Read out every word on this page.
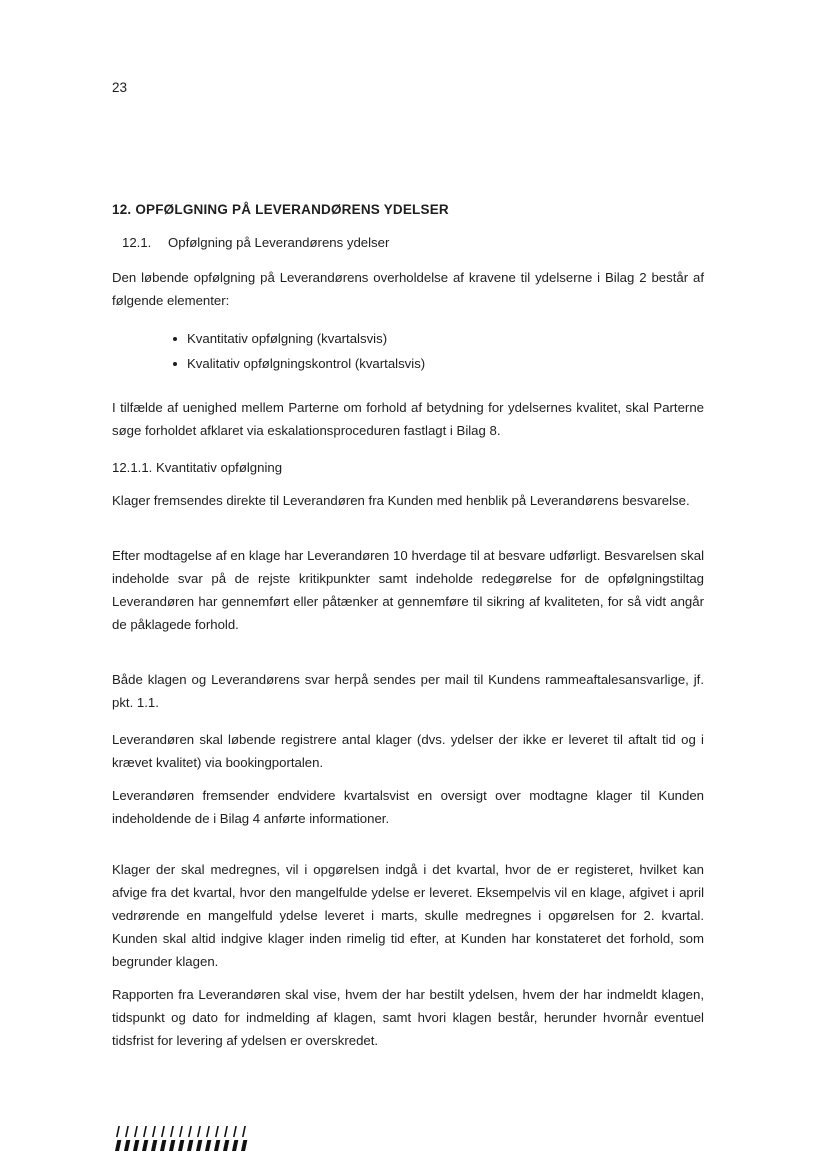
23

12. OPFØLGNING PÅ LEVERANDØRENS YDELSER

12.1.	Opfølgning på Leverandørens ydelser

Den løbende opfølgning på Leverandørens overholdelse af kravene til ydelserne i Bilag 2 består af følgende elementer:

Kvantitativ opfølgning (kvartalsvis)
Kvalitativ opfølgningskontrol (kvartalsvis)

I tilfælde af uenighed mellem Parterne om forhold af betydning for ydelsernes kvalitet, skal Parterne søge forholdet afklaret via eskalationsproceduren fastlagt i Bilag 8.

12.1.1. Kvantitativ opfølgning

Klager fremsendes direkte til Leverandøren fra Kunden med henblik på Leverandørens besvarelse.

Efter modtagelse af en klage har Leverandøren 10 hverdage til at besvare udførligt. Besvarelsen skal indeholde svar på de rejste kritikpunkter samt indeholde redegørelse for de opfølgningstiltag Leverandøren har gennemført eller påtænker at gennemføre til sikring af kvaliteten, for så vidt angår de påklagede forhold.

Både klagen og Leverandørens svar herpå sendes per mail til Kundens rammeaftalesansvarlige, jf. pkt. 1.1.

Leverandøren skal løbende registrere antal klager (dvs. ydelser der ikke er leveret til aftalt tid og i krævet kvalitet) via bookingportalen.

Leverandøren fremsender endvidere kvartalsvist en oversigt over modtagne klager til Kunden indeholdende de i Bilag 4 anførte informationer.

Klager der skal medregnes, vil i opgørelsen indgå i det kvartal, hvor de er registeret, hvilket kan afvige fra det kvartal, hvor den mangelfulde ydelse er leveret. Eksempelvis vil en klage, afgivet i april vedrørende en mangelfuld ydelse leveret i marts, skulle medregnes i opgørelsen for 2. kvartal. Kunden skal altid indgive klager inden rimelig tid efter, at Kunden har konstateret det forhold, som begrunder klagen.

Rapporten fra Leverandøren skal vise, hvem der har bestilt ydelsen, hvem der har indmeldt klagen, tidspunkt og dato for indmelding af klagen, samt hvori klagen består, herunder hvornår eventuel tidsfrist for levering af ydelsen er overskredet.
